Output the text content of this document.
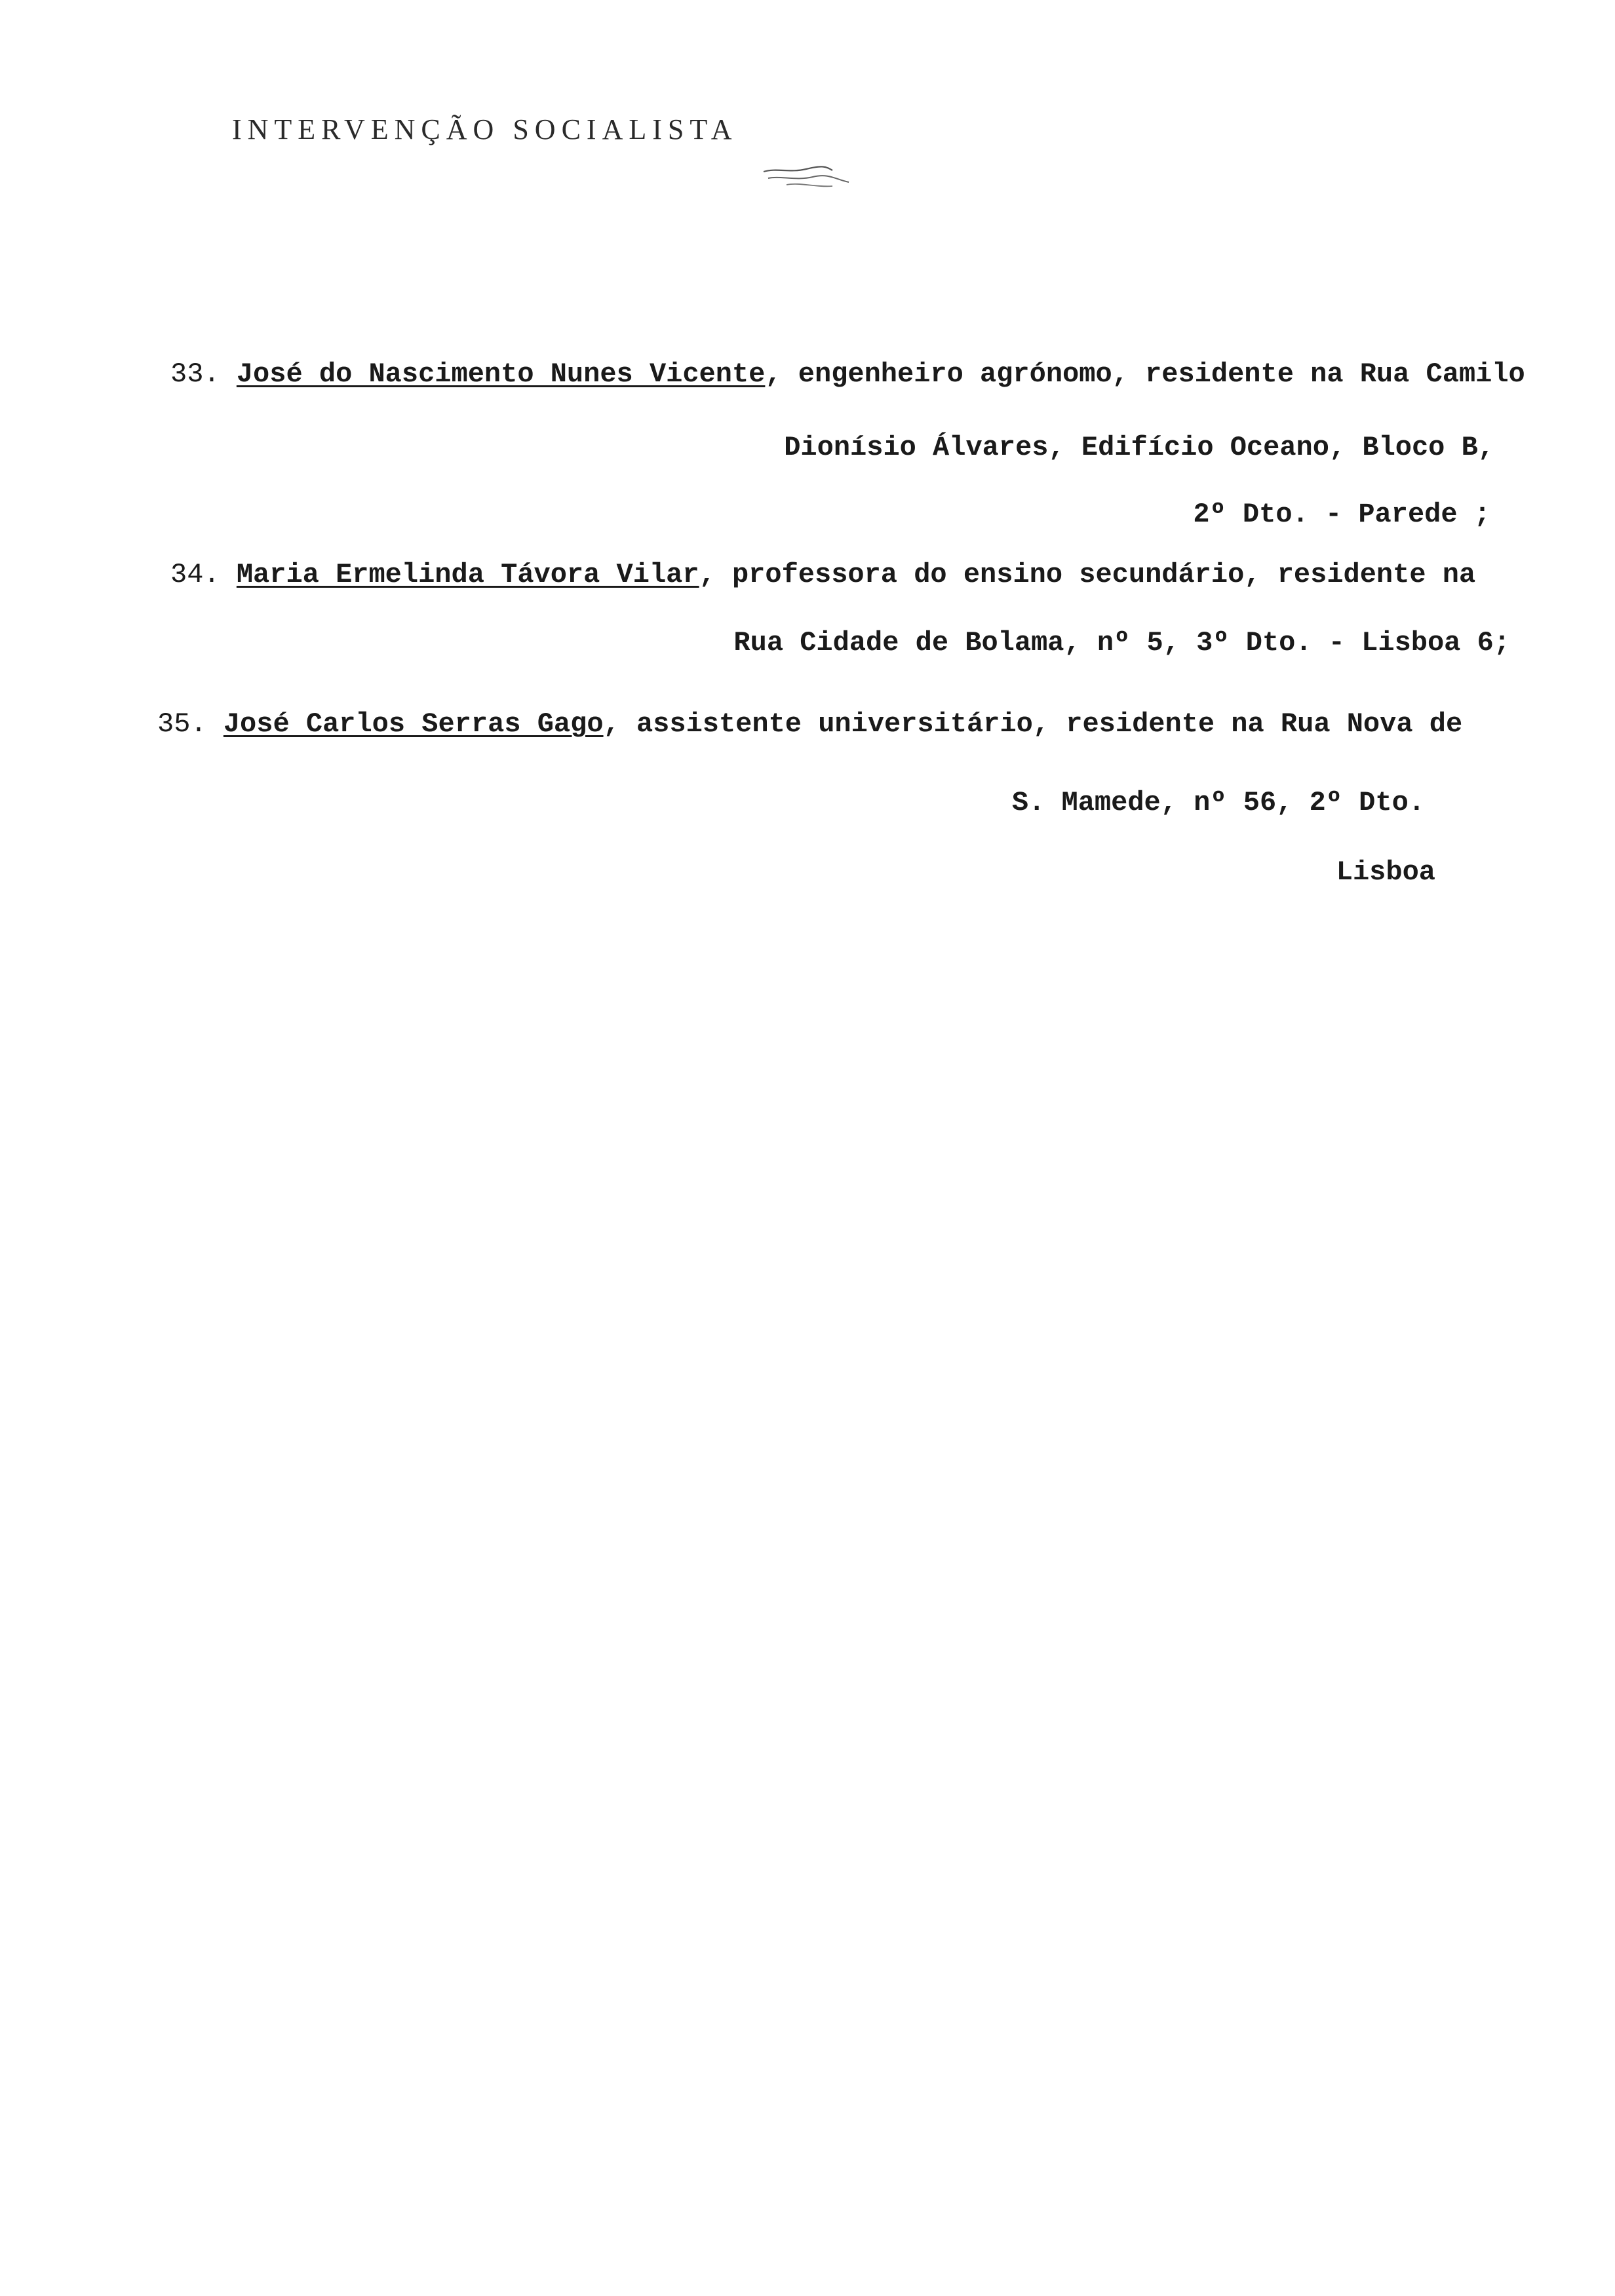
INTERVENÇÃO SOCIALISTA
33. José do Nascimento Nunes Vicente, engenheiro agrónomo, residente na Rua Camilo
Dionísio Álvares, Edifício Oceano, Bloco B,
2º Dto. - Parede ;
34. Maria Ermelinda Távora Vilar, professora do ensino secundário, residente na
Rua Cidade de Bolama, nº 5, 3º Dto. - Lisboa 6;
35. José Carlos Serras Gago, assistente universitário, residente na Rua Nova de
S. Mamede, nº 56, 2º Dto.
Lisboa
